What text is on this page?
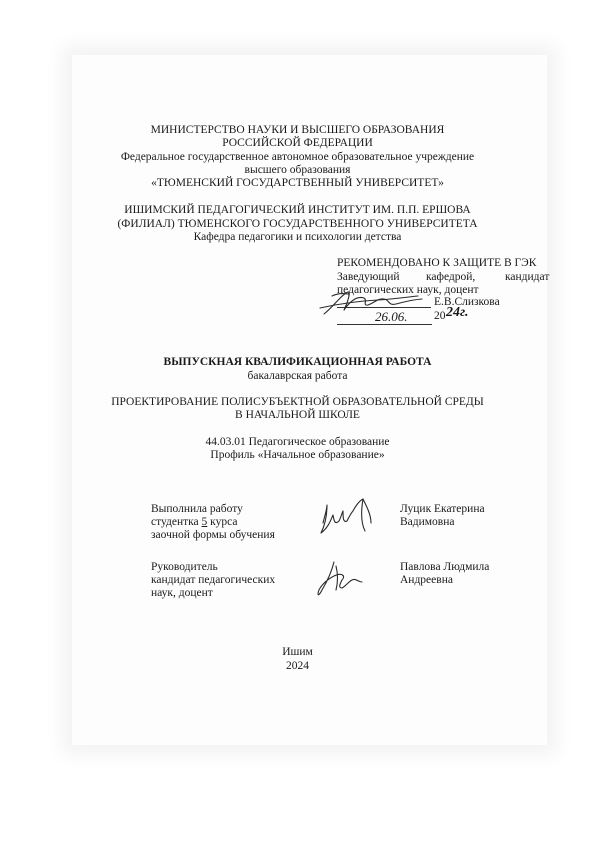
МИНИСТЕРСТВО НАУКИ И ВЫСШЕГО ОБРАЗОВАНИЯ
РОССИЙСКОЙ ФЕДЕРАЦИИ
Федеральное государственное автономное образовательное учреждение
высшего образования
«ТЮМЕНСКИЙ ГОСУДАРСТВЕННЫЙ УНИВЕРСИТЕТ»
ИШИМСКИЙ ПЕДАГОГИЧЕСКИЙ ИНСТИТУТ ИМ. П.П. ЕРШОВА
(ФИЛИАЛ) ТЮМЕНСКОГО ГОСУДАРСТВЕННОГО УНИВЕРСИТЕТА
Кафедра педагогики и психологии детства
РЕКОМЕНДОВАНО К ЗАЩИТЕ В ГЭК
Заведующий кафедрой,	кандидат
педагогических наук, доцент
Е.В.Слизкова
26.06. 20 24г.
ВЫПУСКНАЯ КВАЛИФИКАЦИОННАЯ РАБОТА
бакалаврская работа
ПРОЕКТИРОВАНИЕ ПОЛИСУБЪЕКТНОЙ ОБРАЗОВАТЕЛЬНОЙ СРЕДЫ
В НАЧАЛЬНОЙ ШКОЛЕ
44.03.01 Педагогическое образование
Профиль «Начальное образование»
Выполнила работу
студентка 5 курса
заочной формы обучения
Луцик Екатерина
Вадимовна
Руководитель
кандидат педагогических
наук, доцент
Павлова Людмила
Андреевна
Ишим
2024
